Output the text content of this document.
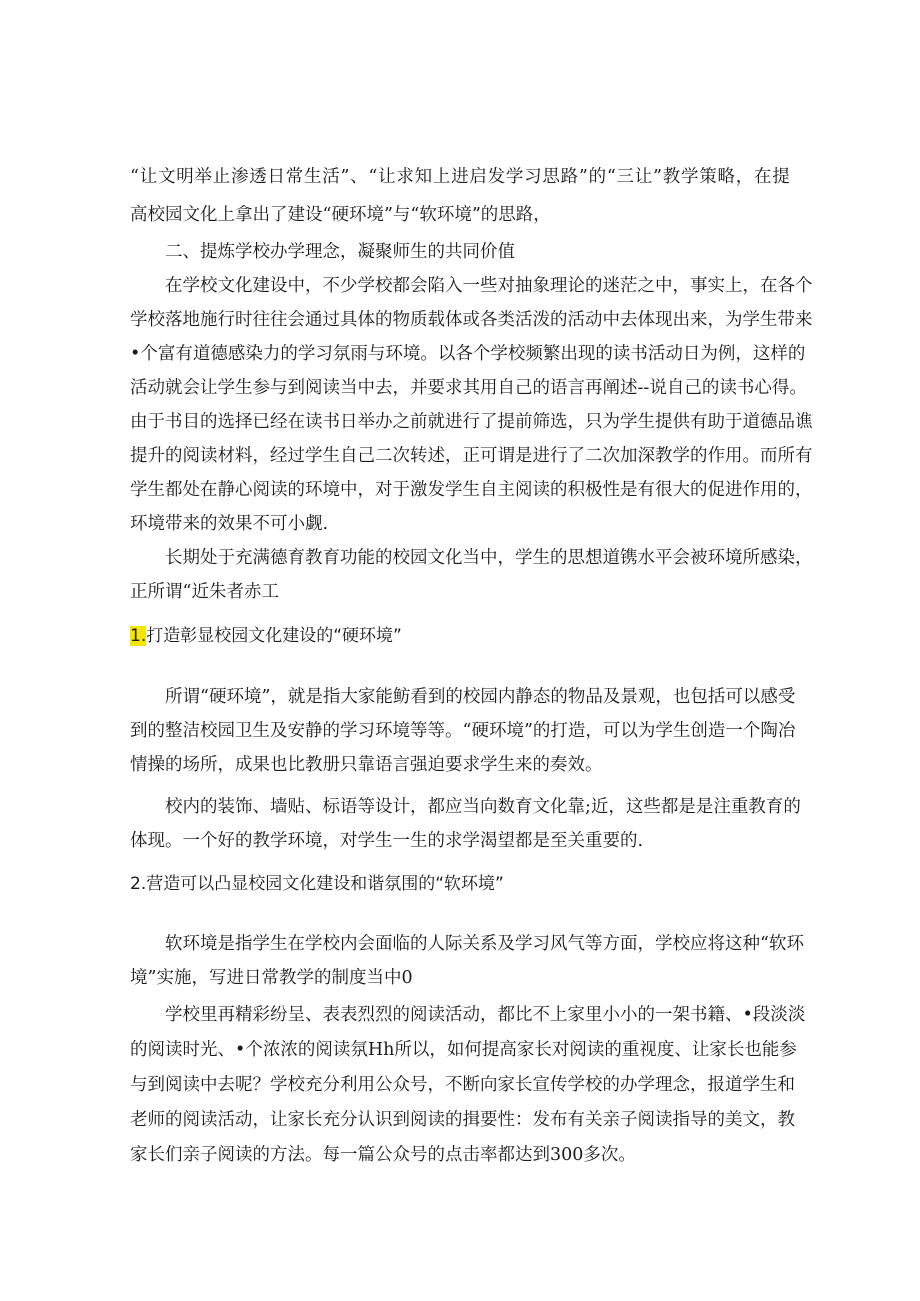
“ 让 文 明 举 止 渗 透 日 常 生 活 ” 、 “ 让 求 知 上 进 启 发 学 习 思 路 ” 的 “ 三 让 ” 教 学 策 略 ， 在 提
高校园文化上拿出了建设“硬环境”与“软环境”的思路，
二、提炼学校办学理念，凝聚师生的共同价值
在 学 校 文 化 建 设 中 ， 不 少 学 校 都 会 陷 入 一 些 对 抽 象 理 论 的 迷 茫 之 中 ， 事 实 上 ， 在 各 个
学 校 落 地 施 行 时 往 往 会 通 过 具 体 的 物 质 载 体 或 各 类 活 泼 的 活 动 中 去 体 现 出 来 ， 为 学 生 带 来
• 个 富 有 道 德 感 染 力 的 学 习 氛 雨 与 环 境 。 以 各 个 学 校 频 繁 出 现 的 读 书 活 动 日 为 例 ， 这 样 的
活 动 就 会 让 学 生 参 与 到 阅 读 当 中 去 ， 并 要 求 其 用 自 己 的 语 言 再 阐 述 - - 说 自 己 的 读 书 心 得 。
由 于 书 目 的 选 择 已 经 在 读 书 日 举 办 之 前 就 进 行 了 提 前 筛 选 ， 只 为 学 生 提 供 有 助 于 道 德 品 谯
提 升 的 阅 读 材 料 ， 经 过 学 生 自 己 二 次 转 述 ， 正 可 谓 是 进 行 了 二 次 加 深 教 学 的 作 用 。 而 所 有
学 生 都 处 在 静 心 阅 读 的 环 境 中 ， 对 于 激 发 学 生 自 主 阅 读 的 积 极 性 是 有 很 大 的 促 进 作 用 的 ，
环境带来的效果不可小觑.
长 期 处 于 充 满 德 育 教 育 功 能 的 校 园 文 化 当 中 ， 学 生 的 思 想 道 镌 水 平 会 被 环 境 所 感 染 ，
正所谓“近朱者赤工
1.打造彰显校园文化建设的“硬环境”
所 谓 “ 硬 环 境 ” ， 就 是 指 大 家 能 鲂 看 到 的 校 园 内 静 态 的 物 品 及 景 观 ， 也 包 括 可 以 感 受
到 的 整 洁 校 园 卫 生 及 安 静 的 学 习 环 境 等 等 。 “ 硬 环 境 ” 的 打 造 ， 可 以 为 学 生 创 造 一 个 陶 冶
情操的场所，成果也比教册只靠语言强迫要求学生来的奏效。
校 内 的 装 饰 、 墙 贴 、 标 语 等 设 计 ， 都 应 当 向 数 育 文 化 靠 ; 近 ， 这 些 都 是 是 注 重 教 育 的
体现。一个好的教学环境，对学生一生的求学渴望都是至关重要的.
2.营造可以凸显校园文化建设和谐氛围的“软环境”
软 环 境 是 指 学 生 在 学 校 内 会 面 临 的 人 际 关 系 及 学 习 风 气 等 方 面 ， 学 校 应 将 这 种 “ 软 环
境”实施，写进日常教学的制度当中0
学 校 里 再 精 彩 纷 呈 、 表 表 烈 烈 的 阅 读 活 动 ， 都 比 不 上 家 里 小 小 的 一 架 书 籍 、 • 段 淡 淡
的 阅 读 时 光 、 • 个 浓 浓 的 阅 读 氛 H h 所 以 ， 如 何 提 高 家 长 对 阅 读 的 重 视 度 、 让 家 长 也 能 参
与 到 阅 读 中 去 呢 ？ 学 校 充 分 利 用 公 众 号 ， 不 断 向 家 长 宣 传 学 校 的 办 学 理 念 ， 报 道 学 生 和
老 师 的 阅 读 活 动 ， 让 家 长 充 分 认 识 到 阅 读 的 揖 要 性 ： 发 布 有 关 亲 子 阅 读 指 导 的 美 文 ， 教
家长们亲子阅读的方法。每一篇公众号的点击率都达到300多次。
